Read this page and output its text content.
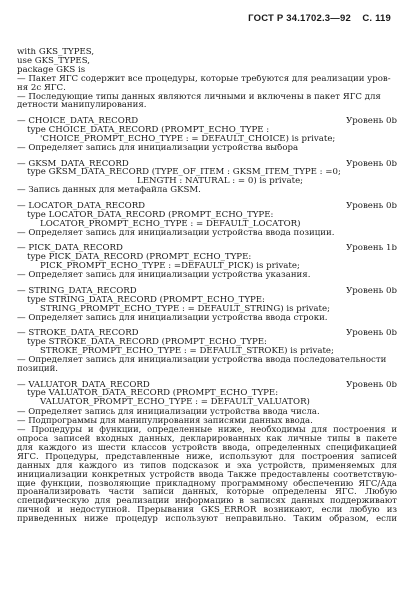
ГОСТ Р 34.1702.3—92 С. 119
with GKS_TYPES,
use GKS_TYPES,
package GKS is
— Пакет ЯГС содержит все процедуры, которые требуются для реализации уров-
ня 2с ЯГС.
— Последующие типы данных являются личными и включены в пакет ЯГС для
детности манипулирования.
— CHOICE_DATA_RECORD	Уровень 0b
type CHOICE_DATA_RECORD (PROMPT_ECHO_TYPE :
'CHOICE_PROMPT_ECHO_TYPE : = DEFAULT_CHOICE) is private;
— Определяет запись для инициализации устройства выбора
— GKSM_DATA_RECORD	Уровень 0b
type GKSM_DATA_RECORD (TYPE_OF_ITEM : GKSM_ITEM_TYPE : =0;
LENGTH : NATURAL : = 0) is private;
— Запись данных для метафайла GKSM.
— LOCATOR_DATA_RECORD	Уровень 0b
type LOCATOR_DATA_RECORD (PROMPT_ECHO_TYPE:
LOCATOR_PROMPT_ECHO_TYPE : = DEFAULT_LOCATOR)
— Определяет запись для инициализации устройства ввода позиции.
— PICK_DATA_RECORD	Уровень 1b
type PICK_DATA_RECORD (PROMPT_ECHO_TYPE:
PICK_PROMPT_ECHO_TYPE : =DEFAULT_PICK) is private;
— Определяет запись для инициализации устройства указания.
— STRING_DATA_RECORD	Уровень 0b
type STRING_DATA_RECORD (PROMPT_ECHO_TYPE:
STRING_PROMPT_ECHO_TYPE : = DEFAULT_STRING) is private;
— Определяет запись для инициализации устройства ввода строки.
— STROKE_DATA_RECORD	Уровень 0b
type STROKE_DATA_RECORD (PROMPT_ECHO_TYPE:
STROKE_PROMPT_ECHO_TYPE : = DEFAULT_STROKE) is private;
— Определяет запись для инициализации устройства ввода последовательности
позиций.
— VALUATOR_DATA_RECORD	Уровень 0b
type VALUATOR_DATA_RECORD (PROMPT_ECHO_TYPE:
VALUATOR_PROMPT_ECHO_TYPE : = DEFAULT_VALUATOR)
— Определяет запись для инициализации устройства ввода числа.
— Подпрограммы для манипулирования записями данных ввода.
— Процедуры и функции, определенные ниже, необходимы для построения и
опроса записей входных данных, декларированных как личные типы в пакете
для каждого из шести классов устройств ввода, определенных спецификацией
ЯГС. Процедуры, представленные ниже, используют для построения записей
данных для каждого из типов подсказок и эха устройств, применяемых для
инициализации конкретных устройств ввода Также предоставлены соответствую-
щие функции, позволяющие прикладному программному обеспечению ЯГС/Ада
проанализировать части записи данных, которые определены ЯГС. Любую
специфическую для реализации информацию в записях данных поддерживают
личной и недоступной. Прерывания GKS_ERROR возникают, если любую из
приведенных ниже процедур используют неправильно. Таким образом, если
